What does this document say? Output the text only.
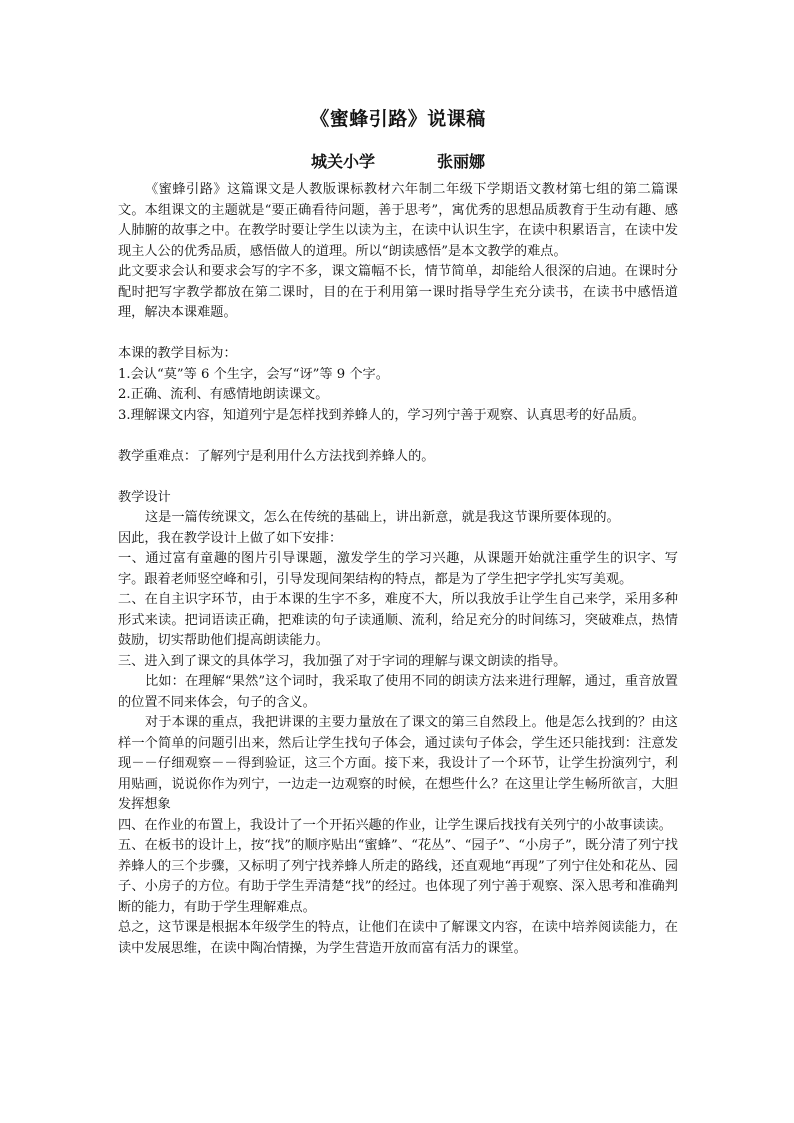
《蜜蜂引路》说课稿
城关小学	张丽娜

《蜜蜂引路》这篇课文是人教版课标教材六年制二年级下学期语文教材第七组的第二篇课文。本组课文的主题就是“要正确看待问题，善于思考”，寓优秀的思想品质教育于生动有趣、感人肺腑的故事之中。在教学时要让学生以读为主，在读中认识生字，在读中积累语言，在读中发现主人公的优秀品质，感悟做人的道理。所以“朗读感悟”是本文教学的难点。

此文要求会认和要求会写的字不多，课文篇幅不长，情节简单，却能给人很深的启迪。在课时分配时把写字教学都放在第二课时，目的在于利用第一课时指导学生充分读书，在读书中感悟道理，解决本课难题。

本课的教学目标为：

1.会认“莫”等 6 个生字，会写“讶”等 9 个字。

2.正确、流利、有感情地朗读课文。

3.理解课文内容，知道列宁是怎样找到养蜂人的，学习列宁善于观察、认真思考的好品质。

教学重难点：了解列宁是利用什么方法找到养蜂人的。

教学设计

这是一篇传统课文，怎么在传统的基础上，讲出新意，就是我这节课所要体现的。

因此，我在教学设计上做了如下安排：

一、通过富有童趣的图片引导课题，激发学生的学习兴趣，从课题开始就注重学生的识字、写字。跟着老师竖空峰和引，引导发现间架结构的特点，都是为了学生把字学扎实写美观。

二、在自主识字环节，由于本课的生字不多，难度不大，所以我放手让学生自己来学，采用多种形式来读。把词语读正确，把难读的句子读通顺、流利，给足充分的时间练习，突破难点，热情鼓励，切实帮助他们提高朗读能力。

三、进入到了课文的具体学习，我加强了对于字词的理解与课文朗读的指导。

比如：在理解“果然”这个词时，我采取了使用不同的朗读方法来进行理解，通过，重音放置的位置不同来体会，句子的含义。

对于本课的重点，我把讲课的主要力量放在了课文的第三自然段上。他是怎么找到的？由这样一个简单的问题引出来，然后让学生找句子体会，通过读句子体会，学生还只能找到：注意发现－－仔细观察－－得到验证，这三个方面。接下来，我设计了一个环节，让学生扮演列宁，利用贴画，说说你作为列宁，一边走一边观察的时候，在想些什么？在这里让学生畅所欲言，大胆发挥想象

四、在作业的布置上，我设计了一个开拓兴趣的作业，让学生课后找找有关列宁的小故事读读。

五、在板书的设计上，按“找”的顺序贴出“蜜蜂”、“花丛”、“园子”、“小房子”，既分清了列宁找养蜂人的三个步骤，又标明了列宁找养蜂人所走的路线，还直观地“再现”了列宁住处和花丛、园子、小房子的方位。有助于学生弄清楚“找”的经过。也体现了列宁善于观察、深入思考和准确判断的能力，有助于学生理解难点。

总之，这节课是根据本年级学生的特点，让他们在读中了解课文内容，在读中培养阅读能力，在读中发展思维，在读中陶冶情操，为学生营造开放而富有活力的课堂。
